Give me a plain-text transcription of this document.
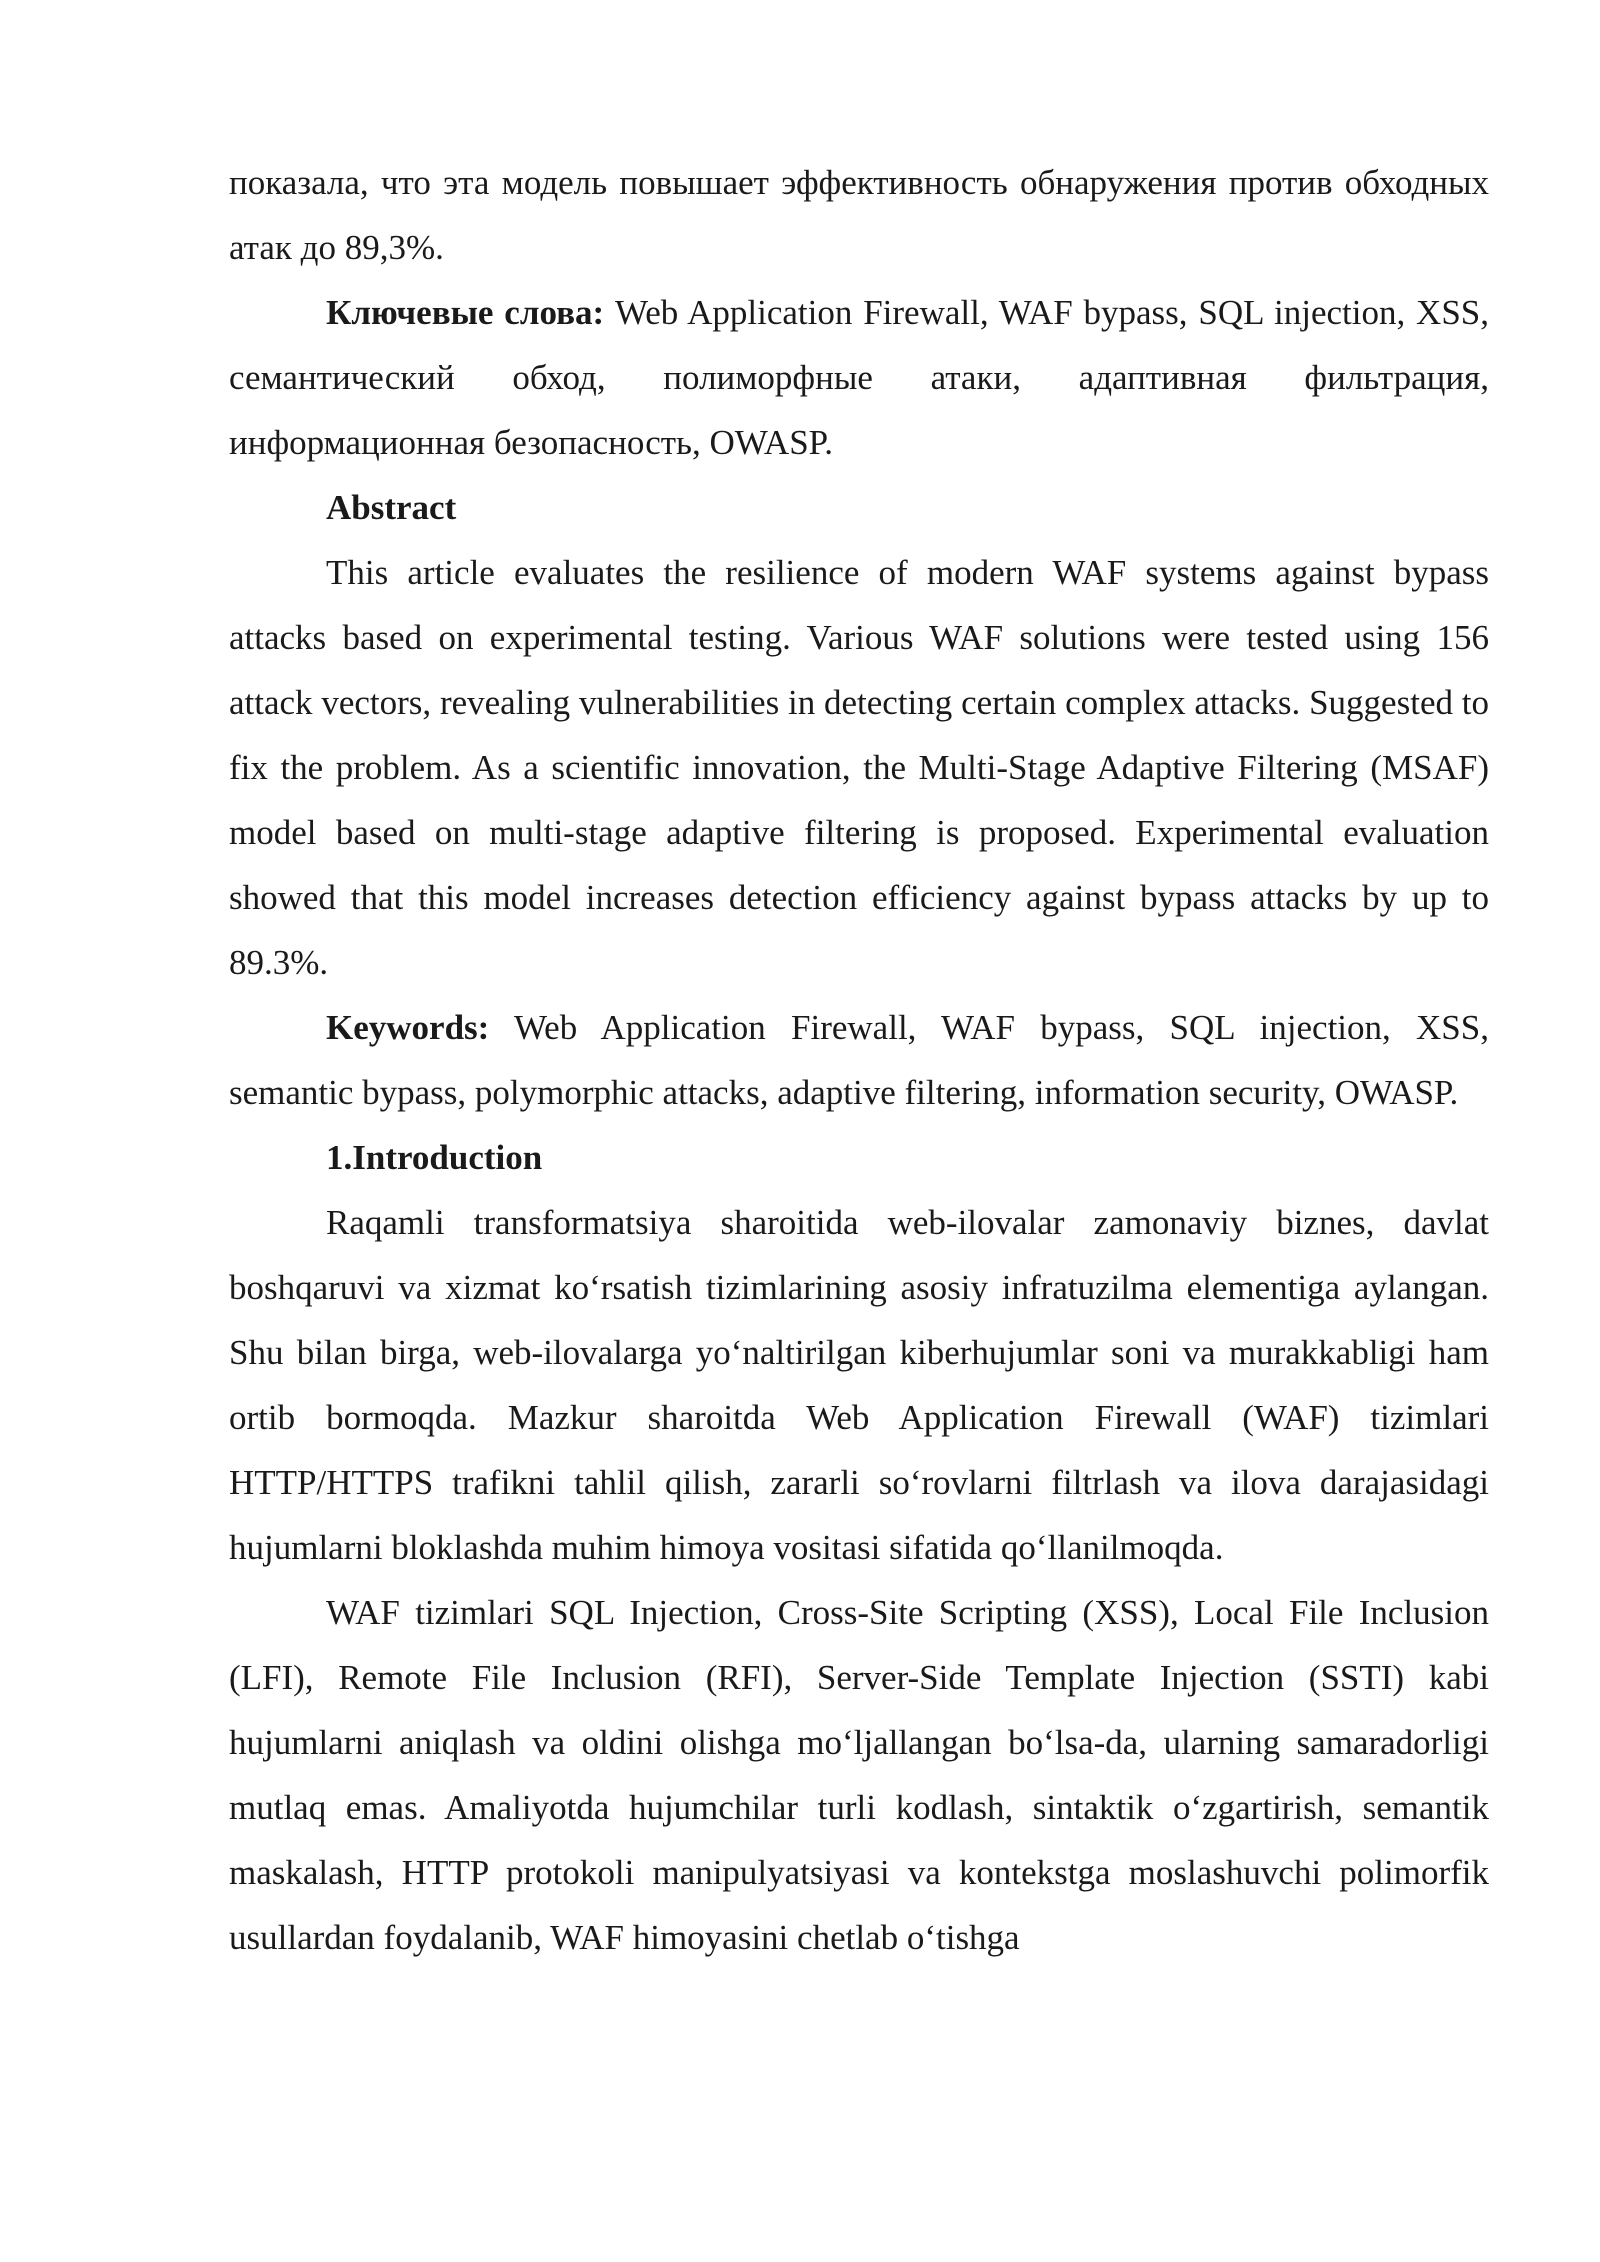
показала, что эта модель повышает эффективность обнаружения против обходных атак до 89,3%.

Ключевые слова: Web Application Firewall, WAF bypass, SQL injection, XSS, семантический обход, полиморфные атаки, адаптивная фильтрация, информационная безопасность, OWASP.

Abstract

This article evaluates the resilience of modern WAF systems against bypass attacks based on experimental testing. Various WAF solutions were tested using 156 attack vectors, revealing vulnerabilities in detecting certain complex attacks. Suggested to fix the problem. As a scientific innovation, the Multi-Stage Adaptive Filtering (MSAF) model based on multi-stage adaptive filtering is proposed. Experimental evaluation showed that this model increases detection efficiency against bypass attacks by up to 89.3%.

Keywords: Web Application Firewall, WAF bypass, SQL injection, XSS, semantic bypass, polymorphic attacks, adaptive filtering, information security, OWASP.

1.Introduction

Raqamli transformatsiya sharoitida web-ilovalar zamonaviy biznes, davlat boshqaruvi va xizmat ko‘rsatish tizimlarining asosiy infratuzilma elementiga aylangan. Shu bilan birga, web-ilovalarga yo‘naltirilgan kiberhujumlar soni va murakkabligi ham ortib bormoqda. Mazkur sharoitda Web Application Firewall (WAF) tizimlari HTTP/HTTPS trafikni tahlil qilish, zararli so‘rovlarni filtrlash va ilova darajasidagi hujumlarni bloklashda muhim himoya vositasi sifatida qo‘llanilmoqda.

WAF tizimlari SQL Injection, Cross-Site Scripting (XSS), Local File Inclusion (LFI), Remote File Inclusion (RFI), Server-Side Template Injection (SSTI) kabi hujumlarni aniqlash va oldini olishga mo‘ljallangan bo‘lsa-da, ularning samaradorligi mutlaq emas. Amaliyotda hujumchilar turli kodlash, sintaktik o‘zgartirish, semantik maskalash, HTTP protokoli manipulyatsiyasi va kontekstga moslashuvchi polimorfik usullardan foydalanib, WAF himoyasini chetlab o‘tishga
